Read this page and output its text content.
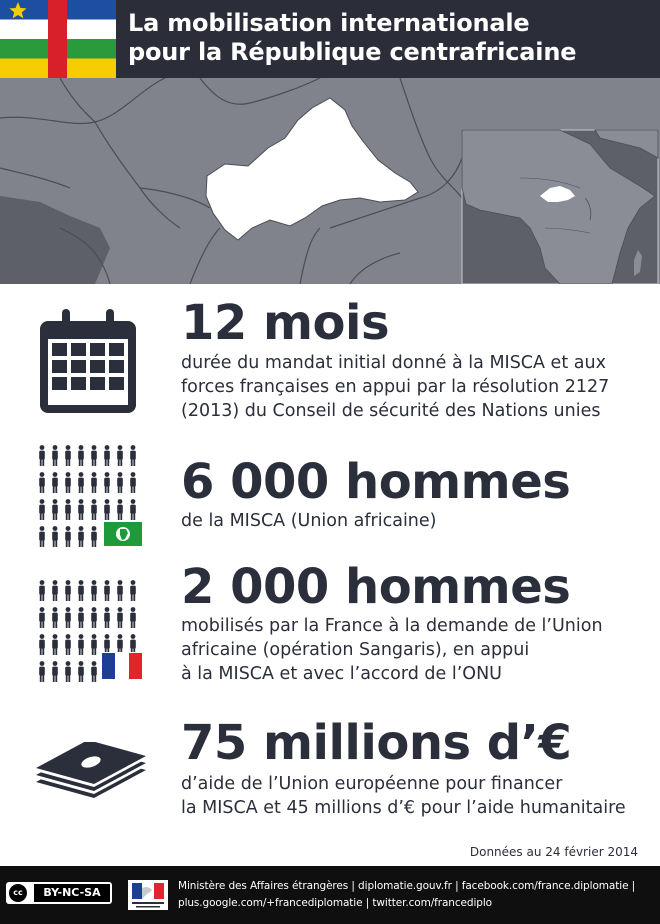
La mobilisation internationale
pour la République centrafricaine
12 mois
durée du mandat initial donné à la MISCA et aux
forces françaises en appui par la résolution 2127
(2013) du Conseil de sécurité des Nations unies
6 000 hommes
de la MISCA (Union africaine)
2 000 hommes
mobilisés par la France à la demande de l’Union
africaine (opération Sangaris), en appui
à la MISCA et avec l’accord de l’ONU
75 millions d’€
d’aide de l’Union européenne pour financer
la MISCA et 45 millions d’€ pour l’aide humanitaire
Données au 24 février 2014
cc	BY-NC-SA	Ministère des Affaires étrangères | diplomatie.gouv.fr | facebook.com/france.diplomatie |
plus.google.com/+francediplomatie | twitter.com/francediplo
